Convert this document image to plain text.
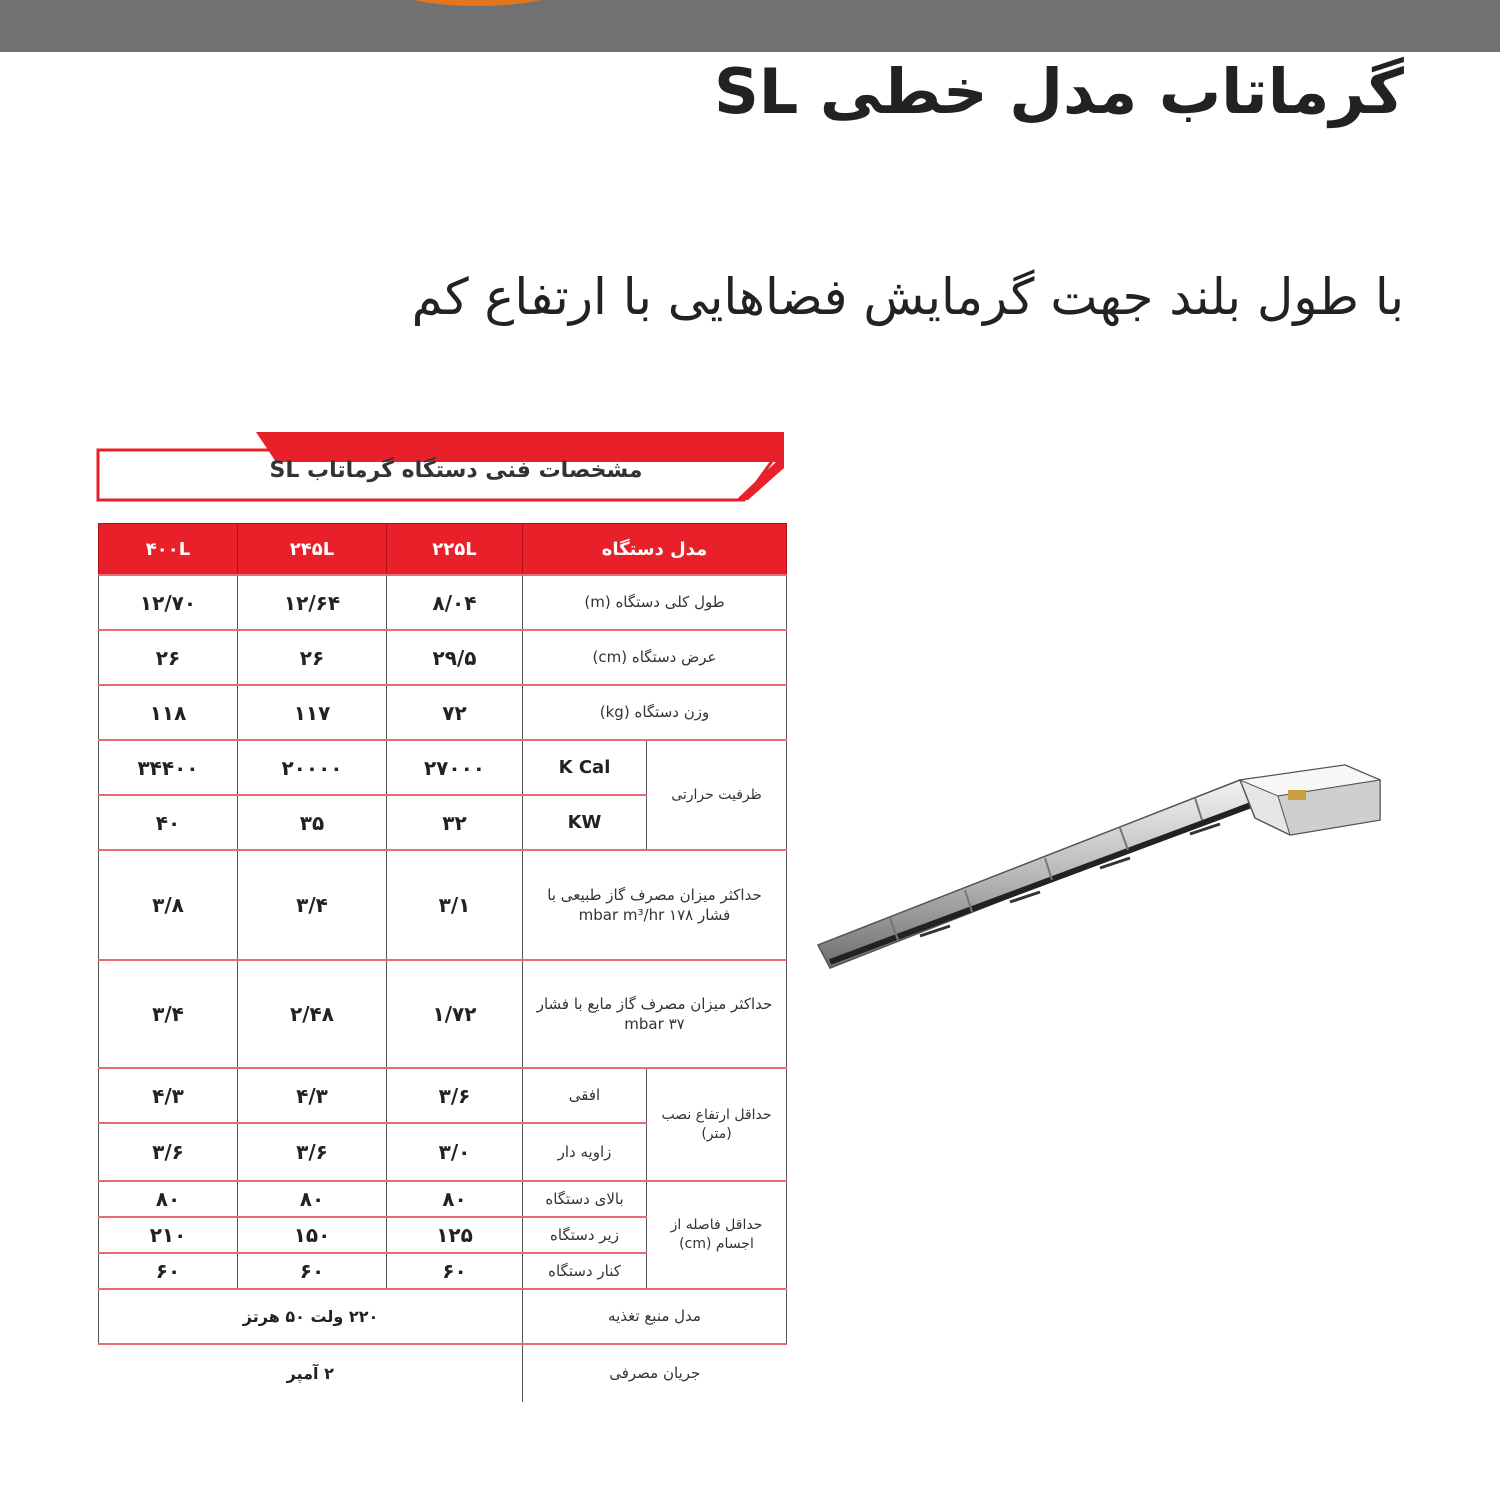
گرماتاب مدل خطی SL
با طول بلند جهت گرمایش فضاهایی با ارتفاع کم
مشخصات فنی دستگاه گرماتاب SL
۴۰۰L	۲۴۵L	۲۲۵L	مدل دستگاه	
۱۲/۷۰	۱۲/۶۴	۸/۰۴	طول کلی دستگاه (m)	
۲۶	۲۶	۲۹/۵	عرض دستگاه (cm)	
۱۱۸	۱۱۷	۷۲	وزن دستگاه (kg)	
۳۴۴۰۰	۲۰۰۰۰	۲۷۰۰۰	K Cal	ظرفیت حرارتی
۴۰	۳۵	۳۲	KW	
۳/۸	۳/۴	۳/۱	حداکثر میزان مصرف گاز طبیعی با فشار ۱۷۸ mbar m³/hr	
۳/۴	۲/۴۸	۱/۷۲	حداکثر میزان مصرف گاز مایع با فشار ۳۷ mbar	
۴/۳	۴/۳	۳/۶	افقی	حداقل ارتفاع نصب (متر)
۳/۶	۳/۶	۳/۰	زاویه دار	
۸۰	۸۰	۸۰	بالای دستگاه	حداقل فاصله از اجسام (cm)
۲۱۰	۱۵۰	۱۲۵	زیر دستگاه	
۶۰	۶۰	۶۰	کنار دستگاه	
۲۲۰ ولت ۵۰ هرتز			مدل منبع تغذیه	
۲ آمپر			جریان مصرفی	
